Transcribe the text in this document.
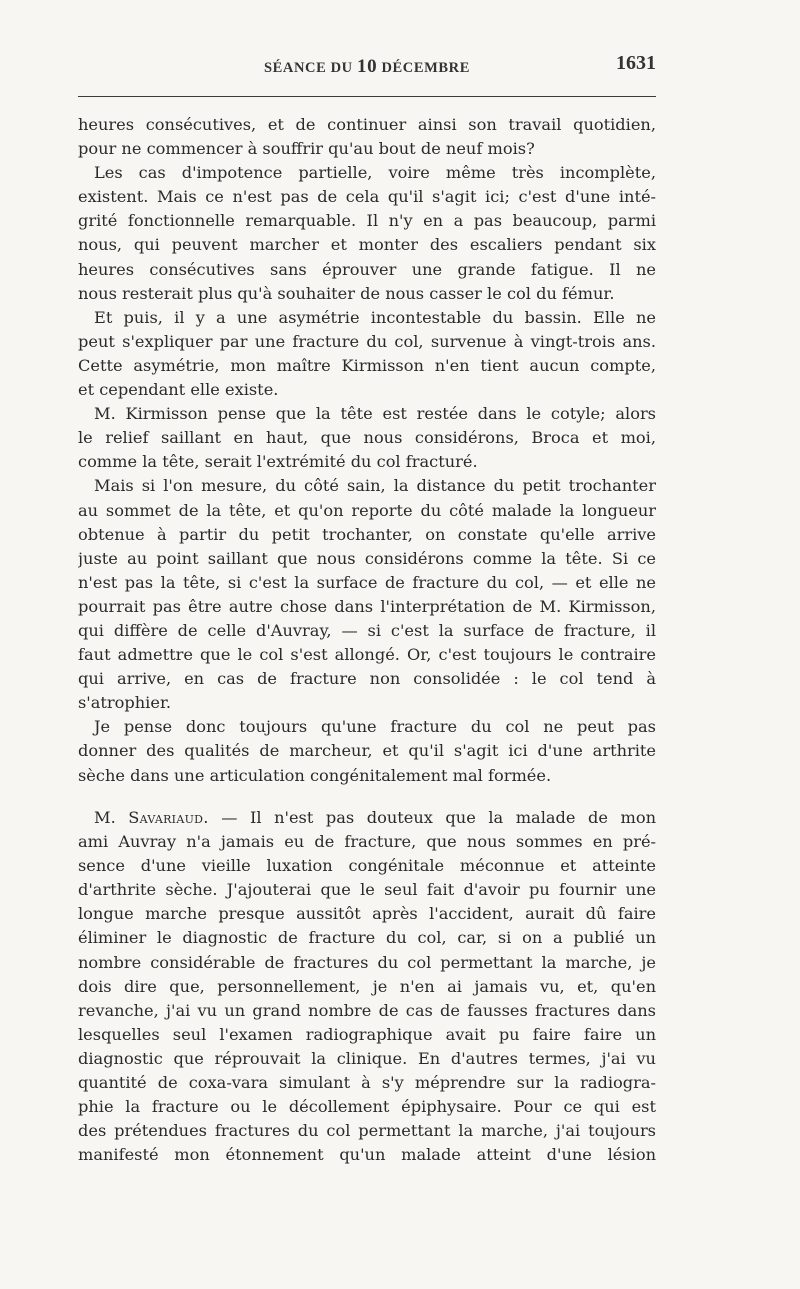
SÉANCE DU 10 DÉCEMBRE	1631
heures consécutives, et de continuer ainsi son travail quotidien,
pour ne commencer à souffrir qu'au bout de neuf mois?
Les cas d'impotence partielle, voire même très incomplète,
existent. Mais ce n'est pas de cela qu'il s'agit ici; c'est d'une inté-
grité fonctionnelle remarquable. Il n'y en a pas beaucoup, parmi
nous, qui peuvent marcher et monter des escaliers pendant six
heures consécutives sans éprouver une grande fatigue. Il ne
nous resterait plus qu'à souhaiter de nous casser le col du fémur.
Et puis, il y a une asymétrie incontestable du bassin. Elle ne
peut s'expliquer par une fracture du col, survenue à vingt-trois ans.
Cette asymétrie, mon maître Kirmisson n'en tient aucun compte,
et cependant elle existe.
M. Kirmisson pense que la tête est restée dans le cotyle; alors
le relief saillant en haut, que nous considérons, Broca et moi,
comme la tête, serait l'extrémité du col fracturé.
Mais si l'on mesure, du côté sain, la distance du petit trochanter
au sommet de la tête, et qu'on reporte du côté malade la longueur
obtenue à partir du petit trochanter, on constate qu'elle arrive
juste au point saillant que nous considérons comme la tête. Si ce
n'est pas la tête, si c'est la surface de fracture du col, — et elle ne
pourrait pas être autre chose dans l'interprétation de M. Kirmisson,
qui diffère de celle d'Auvray, — si c'est la surface de fracture, il
faut admettre que le col s'est allongé. Or, c'est toujours le contraire
qui arrive, en cas de fracture non consolidée : le col tend à
s'atrophier.
Je pense donc toujours qu'une fracture du col ne peut pas
donner des qualités de marcheur, et qu'il s'agit ici d'une arthrite
sèche dans une articulation congénitalement mal formée.
M. Savariaud. — Il n'est pas douteux que la malade de mon
ami Auvray n'a jamais eu de fracture, que nous sommes en pré-
sence d'une vieille luxation congénitale méconnue et atteinte
d'arthrite sèche. J'ajouterai que le seul fait d'avoir pu fournir une
longue marche presque aussitôt après l'accident, aurait dû faire
éliminer le diagnostic de fracture du col, car, si on a publié un
nombre considérable de fractures du col permettant la marche, je
dois dire que, personnellement, je n'en ai jamais vu, et, qu'en
revanche, j'ai vu un grand nombre de cas de fausses fractures dans
lesquelles seul l'examen radiographique avait pu faire faire un
diagnostic que réprouvait la clinique. En d'autres termes, j'ai vu
quantité de coxa-vara simulant à s'y méprendre sur la radiogra-
phie la fracture ou le décollement épiphysaire. Pour ce qui est
des prétendues fractures du col permettant la marche, j'ai toujours
manifesté mon étonnement qu'un malade atteint d'une lésion
